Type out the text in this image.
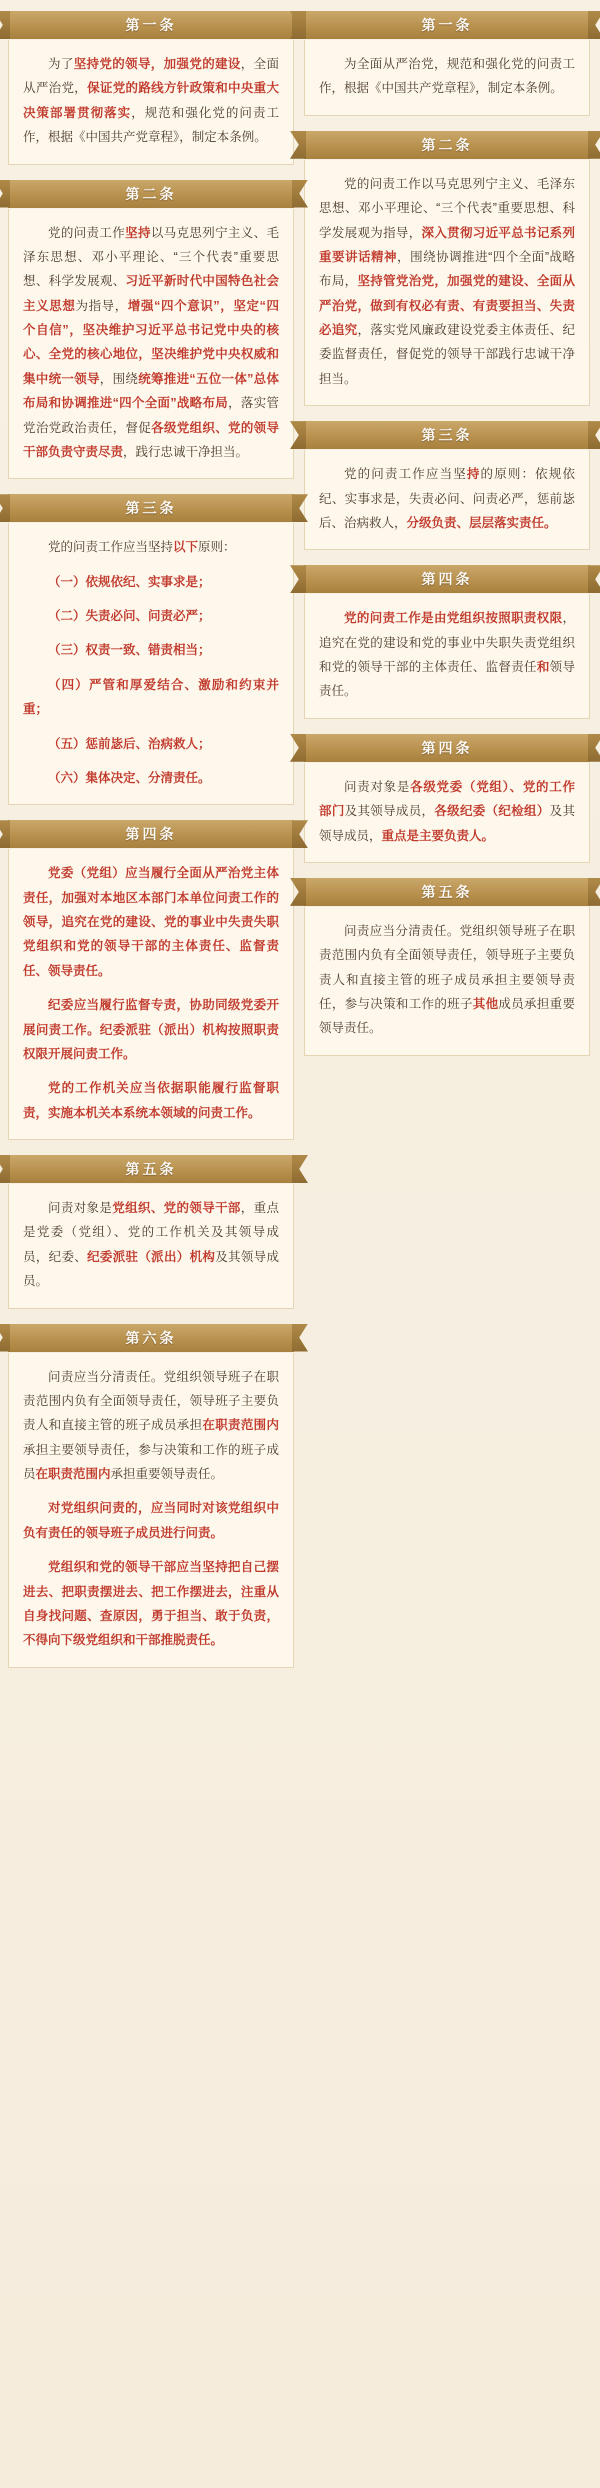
第一条

为了坚持党的领导，加强党的建设，全面从严治党，保证党的路线方针政策和中央重大决策部署贯彻落实，规范和强化党的问责工作，根据《中国共产党章程》，制定本条例。

第二条

党的问责工作坚持以马克思列宁主义、毛泽东思想、邓小平理论、“三个代表”重要思想、科学发展观、习近平新时代中国特色社会主义思想为指导，增强“四个意识”，坚定“四个自信”，坚决维护习近平总书记党中央的核心、全党的核心地位，坚决维护党中央权威和集中统一领导，围绕统筹推进“五位一体”总体布局和协调推进“四个全面”战略布局，落实管党治党政治责任，督促各级党组织、党的领导干部负责守责尽责，践行忠诚干净担当。

第三条

党的问责工作应当坚持以下原则：

（一）依规依纪、实事求是；

（二）失责必问、问责必严；

（三）权责一致、错责相当；

（四）严管和厚爱结合、激励和约束并重；

（五）惩前毖后、治病救人；

（六）集体决定、分清责任。

第四条

党委（党组）应当履行全面从严治党主体责任，加强对本地区本部门本单位问责工作的领导，追究在党的建设、党的事业中失责失职党组织和党的领导干部的主体责任、监督责任、领导责任。

纪委应当履行监督专责，协助同级党委开展问责工作。纪委派驻（派出）机构按照职责权限开展问责工作。

党的工作机关应当依据职能履行监督职责，实施本机关本系统本领域的问责工作。

第五条

问责对象是党组织、党的领导干部，重点是党委（党组）、党的工作机关及其领导成员，纪委、纪委派驻（派出）机构及其领导成员。

第六条

问责应当分清责任。党组织领导班子在职责范围内负有全面领导责任，领导班子主要负责人和直接主管的班子成员承担在职责范围内承担主要领导责任，参与决策和工作的班子成员在职责范围内承担重要领导责任。

对党组织问责的，应当同时对该党组织中负有责任的领导班子成员进行问责。

党组织和党的领导干部应当坚持把自己摆进去、把职责摆进去、把工作摆进去，注重从自身找问题、查原因，勇于担当、敢于负责，不得向下级党组织和干部推脱责任。

第一条

为全面从严治党，规范和强化党的问责工作，根据《中国共产党章程》，制定本条例。

第二条

党的问责工作以马克思列宁主义、毛泽东思想、邓小平理论、“三个代表”重要思想、科学发展观为指导，深入贯彻习近平总书记系列重要讲话精神，围绕协调推进“四个全面”战略布局，坚持管党治党，加强党的建设、全面从严治党，做到有权必有责、有责要担当、失责必追究，落实党风廉政建设党委主体责任、纪委监督责任，督促党的领导干部践行忠诚干净担当。

第三条

党的问责工作应当坚持的原则：依规依纪、实事求是，失责必问、问责必严，惩前毖后、治病救人，分级负责、层层落实责任。

第四条

党的问责工作是由党组织按照职责权限，追究在党的建设和党的事业中失职失责党组织和党的领导干部的主体责任、监督责任和领导责任。

第四条

问责对象是各级党委（党组）、党的工作部门及其领导成员，各级纪委（纪检组）及其领导成员，重点是主要负责人。

第五条

问责应当分清责任。党组织领导班子在职责范围内负有全面领导责任，领导班子主要负责人和直接主管的班子成员承担主要领导责任，参与决策和工作的班子其他成员承担重要领导责任。
